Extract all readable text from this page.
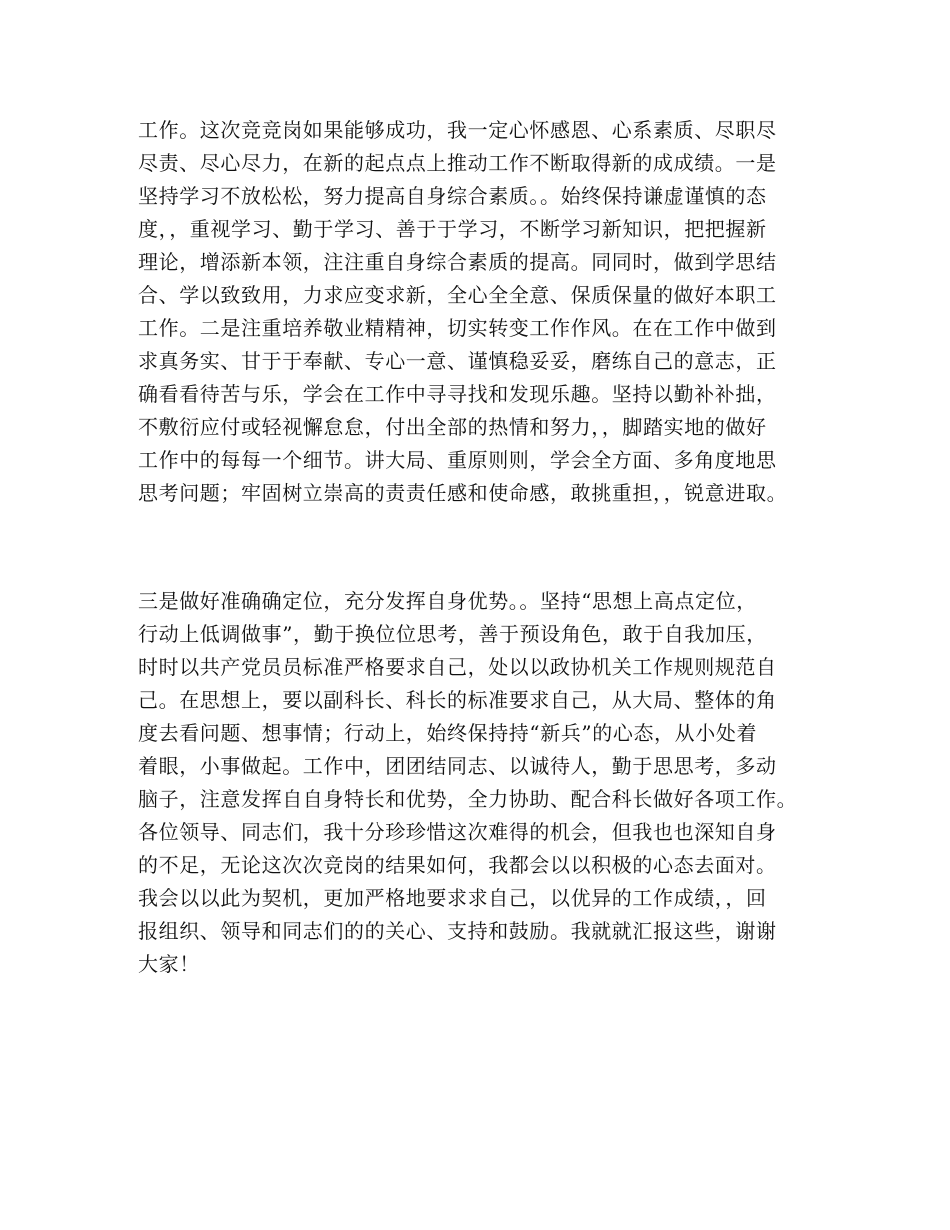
工作。这次竞竞岗如果能够成功，我一定心怀感恩、心系素质、尽职尽
尽责、尽心尽力，在新的起点点上推动工作不断取得新的成成绩。一是
坚持学习不放松松，努力提高自身综合素质。。始终保持谦虚谨慎的态
度，，重视学习、勤于学习、善于于学习，不断学习新知识，把把握新
理论，增添新本领，注注重自身综合素质的提高。同同时，做到学思结
合、学以致致用，力求应变求新，全心全全意、保质保量的做好本职工
工作。二是注重培养敬业精精神，切实转变工作作风。在在工作中做到
求真务实、甘于于奉献、专心一意、谨慎稳妥妥，磨练自己的意志，正
确看看待苦与乐，学会在工作中寻寻找和发现乐趣。坚持以勤补补拙，
不敷衍应付或轻视懈怠怠，付出全部的热情和努力，，脚踏实地的做好
工作中的每每一个细节。讲大局、重原则则，学会全方面、多角度地思
思考问题；牢固树立崇高的责责任感和使命感，敢挑重担，，锐意进取。
三是做好准确确定位，充分发挥自身优势。。坚持“思想上高点定位，
行动上低调做事”，勤于换位位思考，善于预设角色，敢于自我加压，
时时以共产党员员标准严格要求自己，处以以政协机关工作规则规范自
己。在思想上，要以副科长、科长的标准要求自己，从大局、整体的角
度去看问题、想事情；行动上，始终保持持“新兵”的心态，从小处着
着眼，小事做起。工作中，团团结同志、以诚待人，勤于思思考，多动
脑子，注意发挥自自身特长和优势，全力协助、配合科长做好各项工作。
各位领导、同志们，我十分珍珍惜这次难得的机会，但我也也深知自身
的不足，无论这次次竞岗的结果如何，我都会以以积极的心态去面对。
我会以以此为契机，更加严格地要求求自己，以优异的工作成绩，，回
报组织、领导和同志们的的关心、支持和鼓励。我就就汇报这些，谢谢
大家！
